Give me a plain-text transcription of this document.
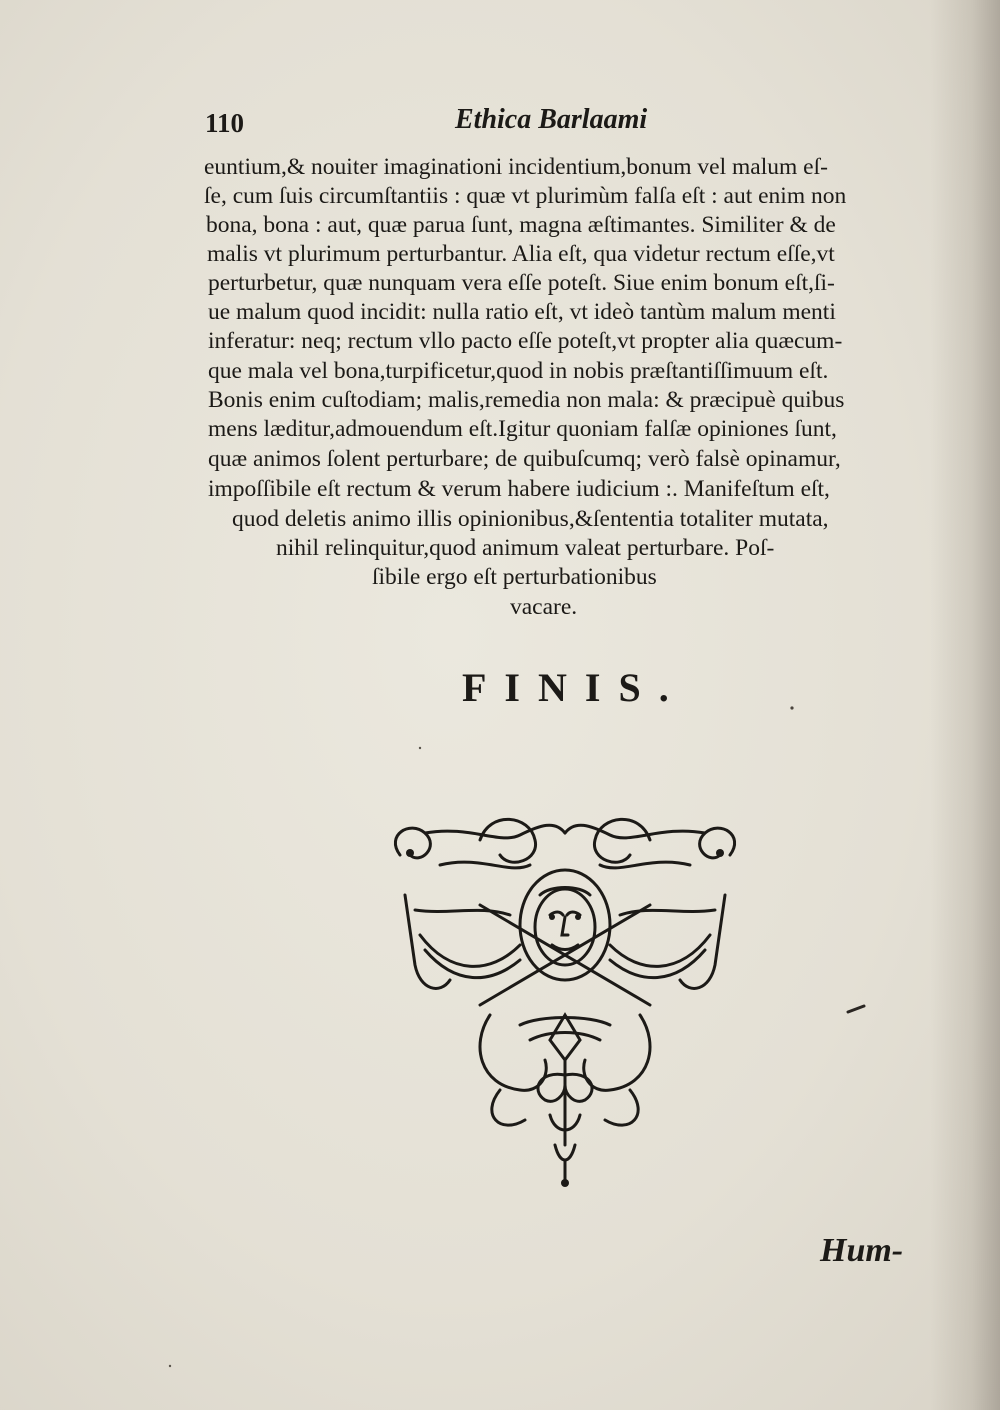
110	Ethica Barlaami
euntium,& nouiter imaginationi incidentium,bonum vel malum eſ-
ſe, cum ſuis circumſtantiis : quæ vt plurimùm falſa eſt : aut enim non
bona, bona : aut, quæ parua ſunt, magna æſtimantes. Similiter & de
malis vt plurimum perturbantur. Alia eſt, qua videtur rectum eſſe,vt
perturbetur, quæ nunquam vera eſſe poteſt. Siue enim bonum eſt,ſi-
ue malum quod incidit: nulla ratio eſt, vt ideò tantùm malum menti
inferatur: neq; rectum vllo pacto eſſe poteſt,vt propter alia quæcum-
que mala vel bona,turpificetur,quod in nobis præſtantiſſimuum eſt.
Bonis enim cuſtodiam; malis,remedia non mala: & præcipuè quibus
mens læditur,admouendum eſt.Igitur quoniam falſæ opiniones ſunt,
quæ animos ſolent perturbare; de quibuſcumq; verò falsè opinamur,
impoſſibile eſt rectum & verum habere iudicium :. Manifeſtum eſt,
quod deletis animo illis opinionibus,&ſententia totaliter mutata,
nihil relinquitur,quod animum valeat perturbare. Poſ-
ſibile ergo eſt perturbationibus
vacare.
FINIS.
Hum-
